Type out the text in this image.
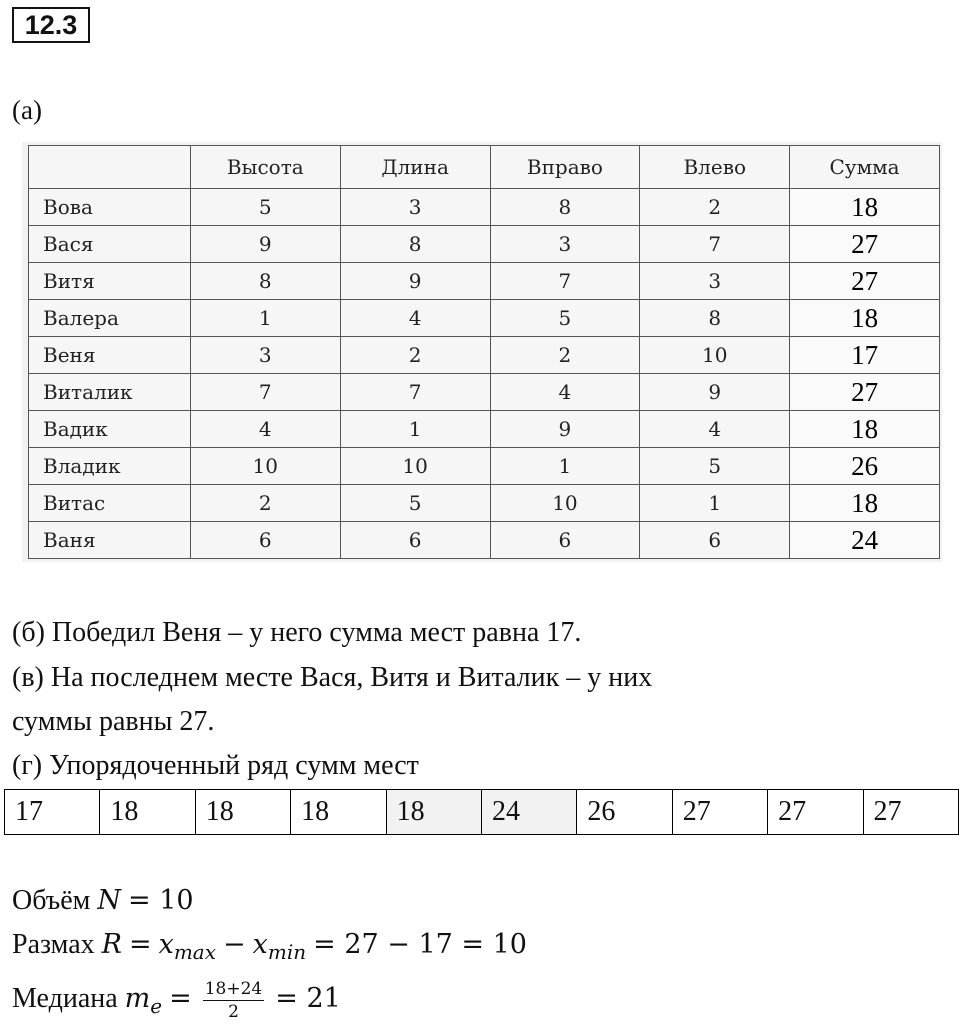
12.3
(а)
	Высота	Длина	Вправо	Влево	Сумма
Вова	5	3	8	2	18
Вася	9	8	3	7	27
Витя	8	9	7	3	27
Валера	1	4	5	8	18
Веня	3	2	2	10	17
Виталик	7	7	4	9	27
Вадик	4	1	9	4	18
Владик	10	10	1	5	26
Витас	2	5	10	1	18
Ваня	6	6	6	6	24
(б) Победил Веня – у него сумма мест равна 17.
(в) На последнем месте Вася, Витя и Виталик – у них
суммы равны 27.
(г) Упорядоченный ряд сумм мест
17	18	18	18	18	24	26	27	27	27
Объём N = 10
Размах $R = x_{max} - x_{min} = 27 - 17 = 10$
Медиана $m_e = \frac{18+24}{2} = 21$
